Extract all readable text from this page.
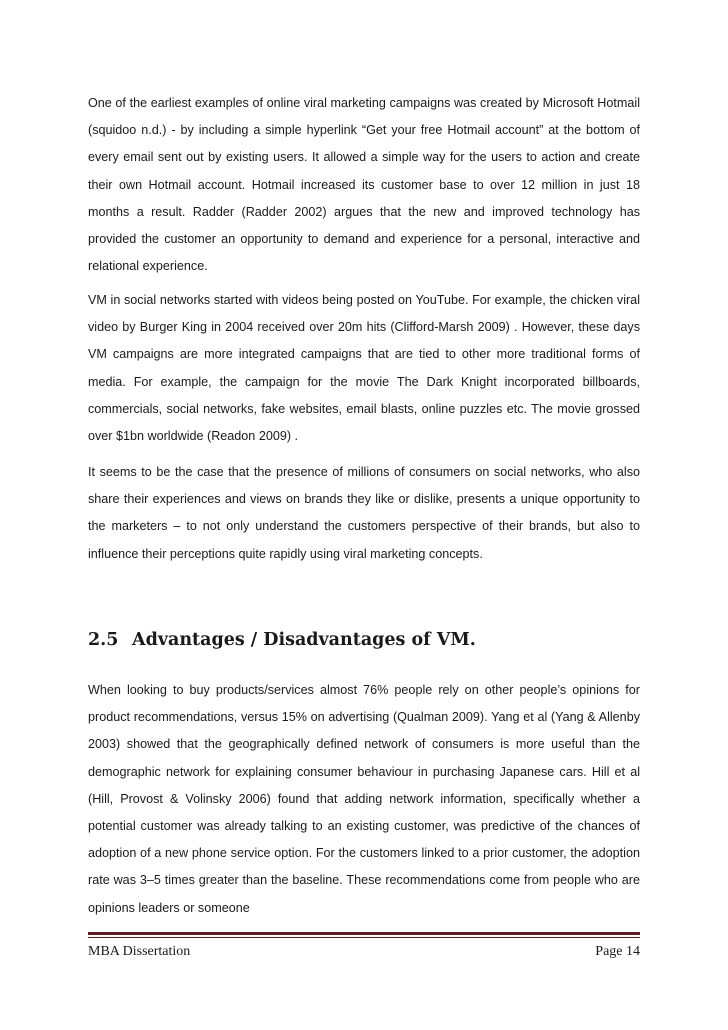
One of the earliest examples of online viral marketing campaigns was created by Microsoft Hotmail (squidoo n.d.) - by including a simple hyperlink “Get your free Hotmail account” at the bottom of every email sent out by existing users. It allowed a simple way for the users to action and create their own Hotmail account. Hotmail increased its customer base to over 12 million in just 18 months a result. Radder (Radder 2002) argues that the new and improved technology has provided the customer an opportunity to demand and experience for a personal, interactive and relational experience.

VM in social networks started with videos being posted on YouTube. For example, the chicken viral video by Burger King in 2004 received over 20m hits (Clifford-Marsh 2009) . However, these days VM campaigns are more integrated campaigns that are tied to other more traditional forms of media. For example, the campaign for the movie The Dark Knight incorporated billboards, commercials, social networks, fake websites, email blasts, online puzzles etc. The movie grossed over $1bn worldwide (Readon 2009) .

It seems to be the case that the presence of millions of consumers on social networks, who also share their experiences and views on brands they like or dislike, presents a unique opportunity to the marketers – to not only understand the customers perspective of their brands, but also to influence their perceptions quite rapidly using viral marketing concepts.

2.5 Advantages / Disadvantages of VM.

When looking to buy products/services almost 76% people rely on other people’s opinions for product recommendations, versus 15% on advertising (Qualman 2009). Yang et al (Yang & Allenby 2003) showed that the geographically defined network of consumers is more useful than the demographic network for explaining consumer behaviour in purchasing Japanese cars. Hill et al (Hill, Provost & Volinsky 2006) found that adding network information, specifically whether a potential customer was already talking to an existing customer, was predictive of the chances of adoption of a new phone service option. For the customers linked to a prior customer, the adoption rate was 3–5 times greater than the baseline. These recommendations come from people who are opinions leaders or someone

MBA Dissertation	Page 14
